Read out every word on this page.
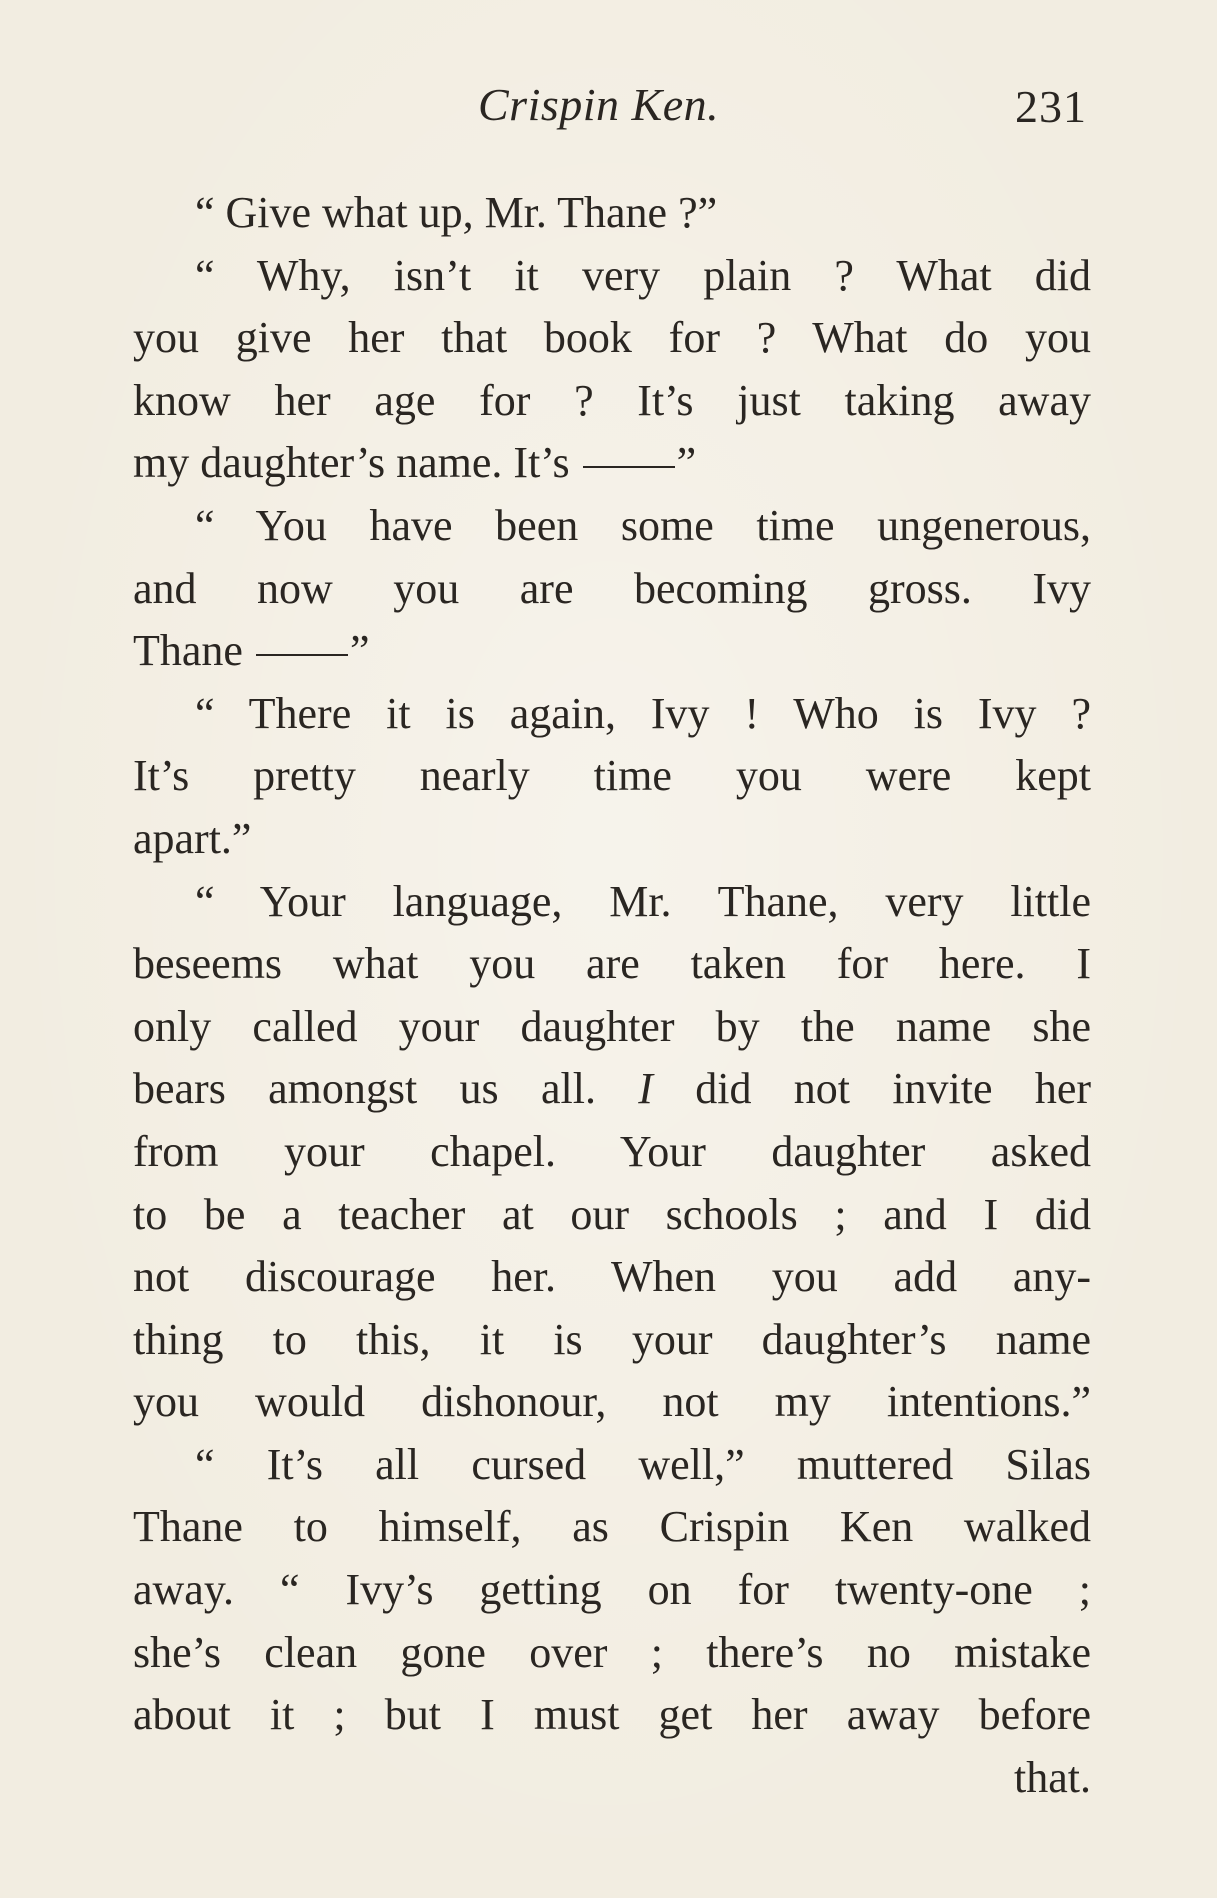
Crispin Ken.	231
“ Give what up, Mr. Thane ?”
“ Why, isn’t it very plain ? What did
you give her that book for ? What do you
know her age for ? It’s just taking away
my daughter’s name. It’s ”
“ You have been some time ungenerous,
and now you are becoming gross. Ivy
Thane ”
“ There it is again, Ivy ! Who is Ivy ?
It’s pretty nearly time you were kept
apart.”
“ Your language, Mr. Thane, very little
beseems what you are taken for here. I
only called your daughter by the name she
bears amongst us all. I did not invite her
from your chapel. Your daughter asked
to be a teacher at our schools ; and I did
not discourage her. When you add any-
thing to this, it is your daughter’s name
you would dishonour, not my intentions.”
“ It’s all cursed well,” muttered Silas
Thane to himself, as Crispin Ken walked
away. “ Ivy’s getting on for twenty-one ;
she’s clean gone over ; there’s no mistake
about it ; but I must get her away before
that.
